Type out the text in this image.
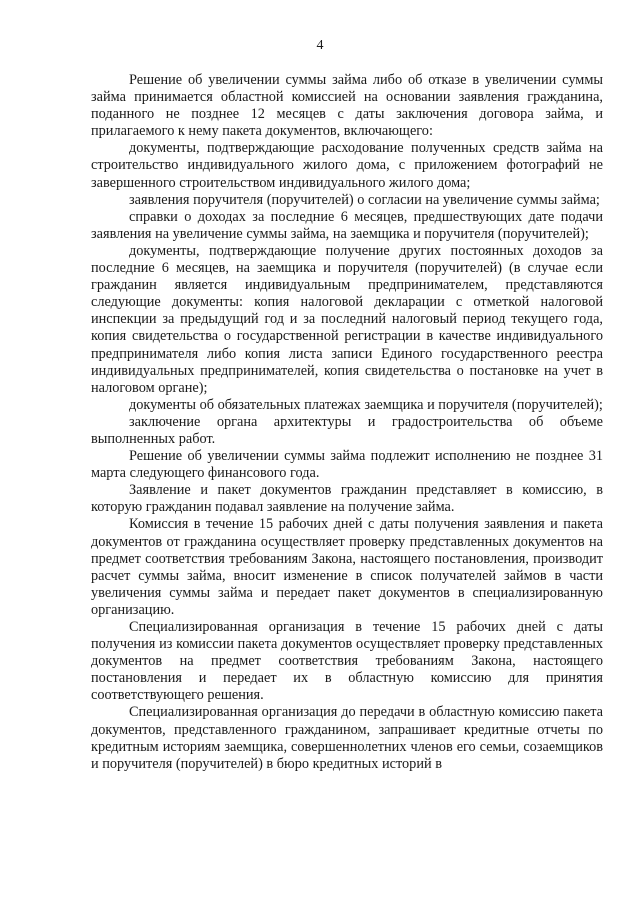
4

Решение об увеличении суммы займа либо об отказе в увеличении суммы займа принимается областной комиссией на основании заявления гражданина, поданного не позднее 12 месяцев с даты заключения договора займа, и прилагаемого к нему пакета документов, включающего:

документы, подтверждающие расходование полученных средств займа на строительство индивидуального жилого дома, с приложением фотографий не завершенного строительством индивидуального жилого дома;

заявления поручителя (поручителей) о согласии на увеличение суммы займа;

справки о доходах за последние 6 месяцев, предшествующих дате подачи заявления на увеличение суммы займа, на заемщика и поручителя (поручителей);

документы, подтверждающие получение других постоянных доходов за последние 6 месяцев, на заемщика и поручителя (поручителей) (в случае если гражданин является индивидуальным предпринимателем, представляются следующие документы: копия налоговой декларации с отметкой налоговой инспекции за предыдущий год и за последний налоговый период текущего года, копия свидетельства о государственной регистрации в качестве индивидуального предпринимателя либо копия листа записи Единого государственного реестра индивидуальных предпринимателей, копия свидетельства о постановке на учет в налоговом органе);

документы об обязательных платежах заемщика и поручителя (поручителей);

заключение органа архитектуры и градостроительства об объеме выполненных работ.

Решение об увеличении суммы займа подлежит исполнению не позднее 31 марта следующего финансового года.

Заявление и пакет документов гражданин представляет в комиссию, в которую гражданин подавал заявление на получение займа.

Комиссия в течение 15 рабочих дней с даты получения заявления и пакета документов от гражданина осуществляет проверку представленных документов на предмет соответствия требованиям Закона, настоящего постановления, производит расчет суммы займа, вносит изменение в список получателей займов в части увеличения суммы займа и передает пакет документов в специализированную организацию.

Специализированная организация в течение 15 рабочих дней с даты получения из комиссии пакета документов осуществляет проверку представленных документов на предмет соответствия требованиям Закона, настоящего постановления и передает их в областную комиссию для принятия соответствующего решения.

Специализированная организация до передачи в областную комиссию пакета документов, представленного гражданином, запрашивает кредитные отчеты по кредитным историям заемщика, совершеннолетних членов его семьи, созаемщиков и поручителя (поручителей) в бюро кредитных историй в
